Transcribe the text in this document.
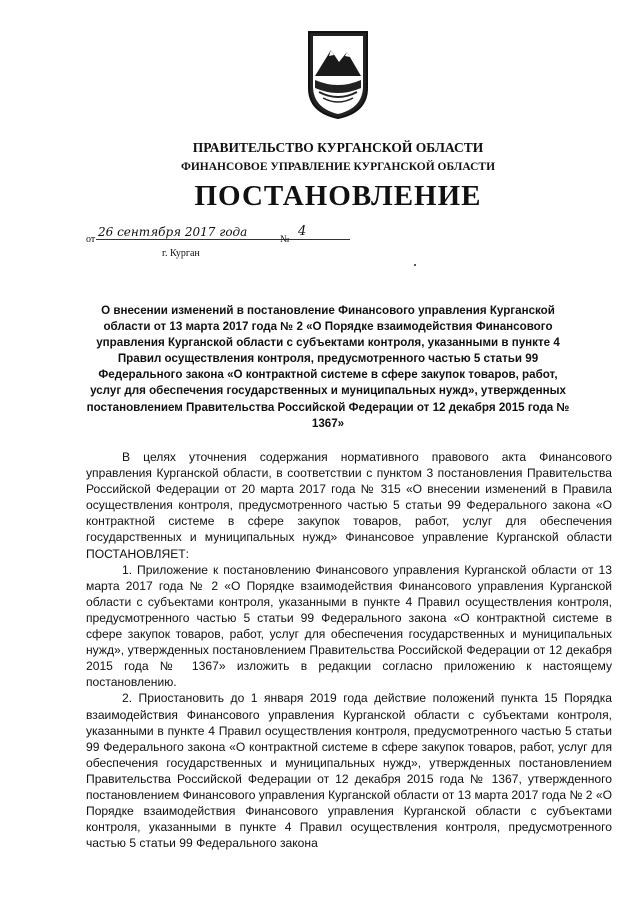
ПРАВИТЕЛЬСТВО КУРГАНСКОЙ ОБЛАСТИ
ФИНАНСОВОЕ УПРАВЛЕНИЕ КУРГАНСКОЙ ОБЛАСТИ
ПОСТАНОВЛЕНИЕ
от
26 сентября 2017 года
№
4
г. Курган
О внесении изменений в постановление Финансового управления Курганской области от 13 марта 2017 года № 2 «О Порядке взаимодействия Финансового управления Курганской области с субъектами контроля, указанными в пункте 4 Правил осуществления контроля, предусмотренного частью 5 статьи 99 Федерального закона «О контрактной системе в сфере закупок товаров, работ, услуг для обеспечения государственных и муниципальных нужд», утвержденных постановлением Правительства Российской Федерации от 12 декабря 2015 года № 1367»

В целях уточнения содержания нормативного правового акта Финансового управления Курганской области, в соответствии с пунктом 3 постановления Правительства Российской Федерации от 20 марта 2017 года № 315 «О внесении изменений в Правила осуществления контроля, предусмотренного частью 5 статьи 99 Федерального закона «О контрактной системе в сфере закупок товаров, работ, услуг для обеспечения государственных и муниципальных нужд» Финансовое управление Курганской области ПОСТАНОВЛЯЕТ:

1. Приложение к постановлению Финансового управления Курганской области от 13 марта 2017 года № 2 «О Порядке взаимодействия Финансового управления Курганской области с субъектами контроля, указанными в пункте 4 Правил осуществления контроля, предусмотренного частью 5 статьи 99 Федерального закона «О контрактной системе в сфере закупок товаров, работ, услуг для обеспечения государственных и муниципальных нужд», утвержденных постановлением Правительства Российской Федерации от 12 декабря 2015 года № 1367» изложить в редакции согласно приложению к настоящему постановлению.

2. Приостановить до 1 января 2019 года действие положений пункта 15 Порядка взаимодействия Финансового управления Курганской области с субъектами контроля, указанными в пункте 4 Правил осуществления контроля, предусмотренного частью 5 статьи 99 Федерального закона «О контрактной системе в сфере закупок товаров, работ, услуг для обеспечения государственных и муниципальных нужд», утвержденных постановлением Правительства Российской Федерации от 12 декабря 2015 года № 1367, утвержденного постановлением Финансового управления Курганской области от 13 марта 2017 года № 2 «О Порядке взаимодействия Финансового управления Курганской области с субъектами контроля, указанными в пункте 4 Правил осуществления контроля, предусмотренного частью 5 статьи 99 Федерального закона
